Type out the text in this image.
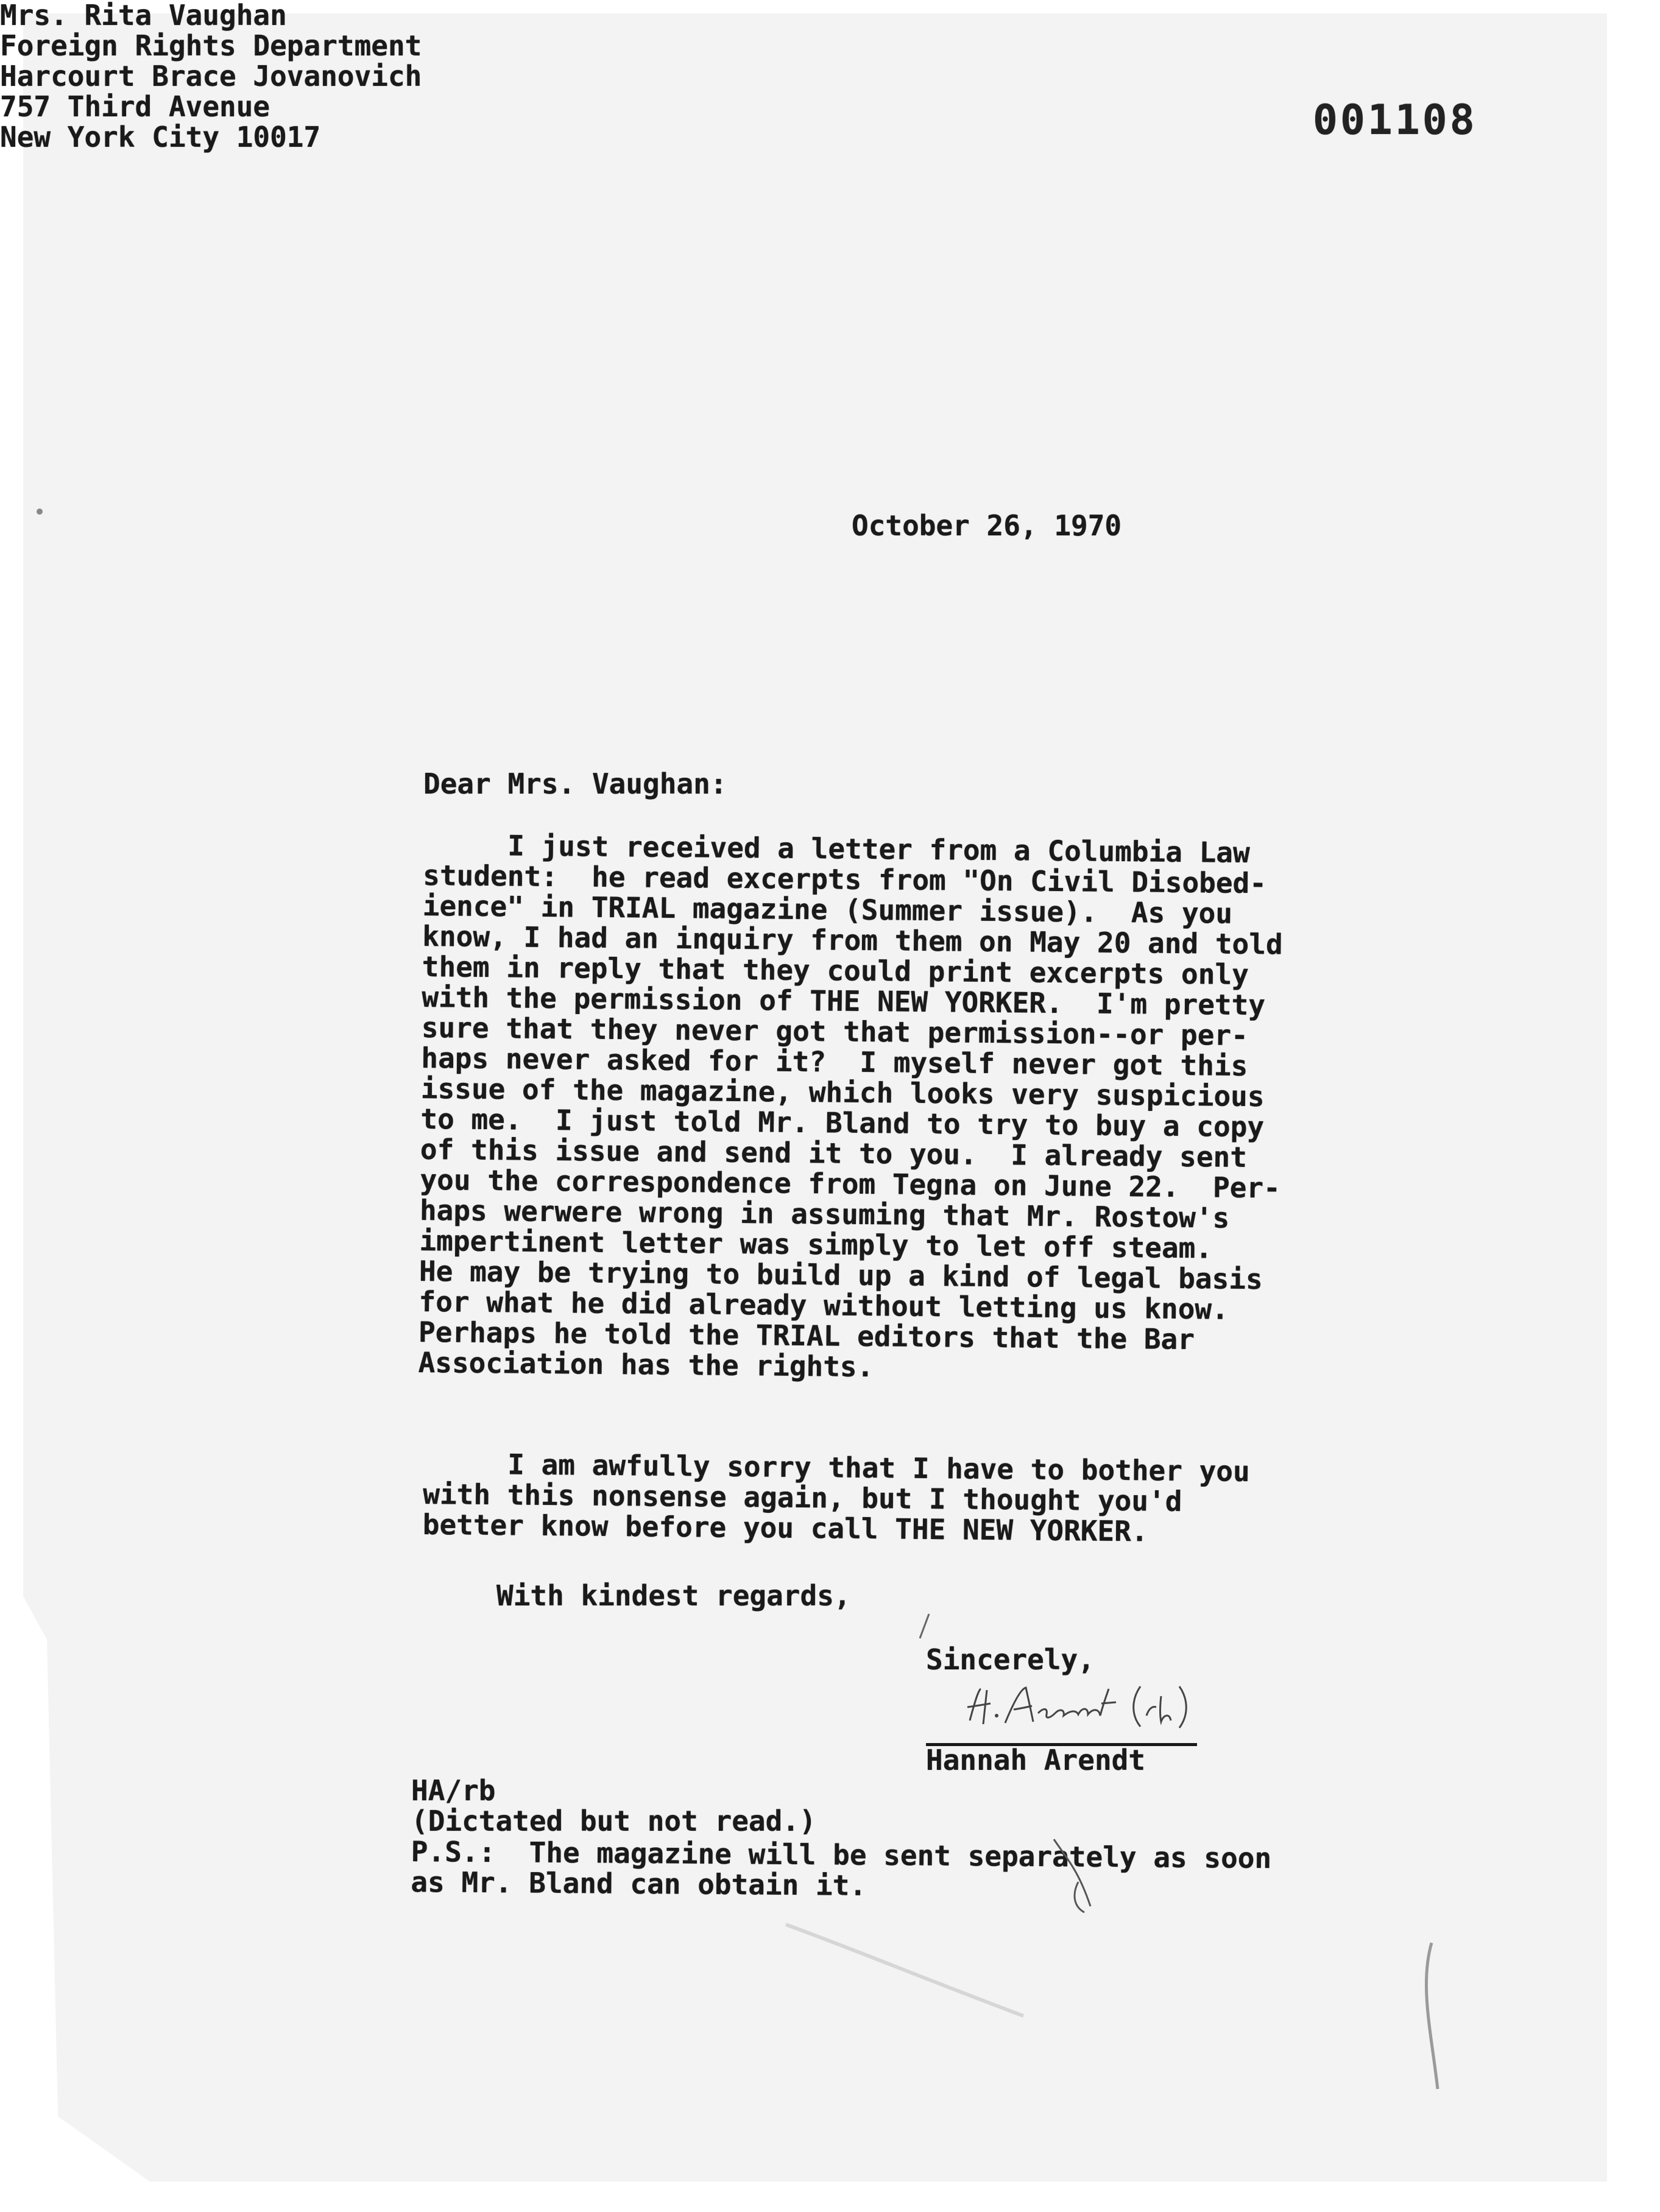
001108
October 26, 1970
Mrs. Rita Vaughan
Foreign Rights Department
Harcourt Brace Jovanovich
757 Third Avenue
New York City 10017
Dear Mrs. Vaughan:
I just received a letter from a Columbia Law
student:  he read excerpts from "On Civil Disobed-
ience" in TRIAL magazine (Summer issue).  As you
know, I had an inquiry from them on May 20 and told
them in reply that they could print excerpts only
with the permission of THE NEW YORKER.  I'm pretty
sure that they never got that permission--or per-
haps never asked for it?  I myself never got this
issue of the magazine, which looks very suspicious
to me.  I just told Mr. Bland to try to buy a copy
of this issue and send it to you.  I already sent
you the correspondence from Tegna on June 22.  Per-
haps werwere wrong in assuming that Mr. Rostow's
impertinent letter was simply to let off steam.
He may be trying to build up a kind of legal basis
for what he did already without letting us know.
Perhaps he told the TRIAL editors that the Bar
Association has the rights.
I am awfully sorry that I have to bother you
with this nonsense again, but I thought you'd
better know before you call THE NEW YORKER.
With kindest regards,
Sincerely,
Hannah Arendt
HA/rb
(Dictated but not read.)
P.S.:  The magazine will be sent separately as soon
as Mr. Bland can obtain it.
